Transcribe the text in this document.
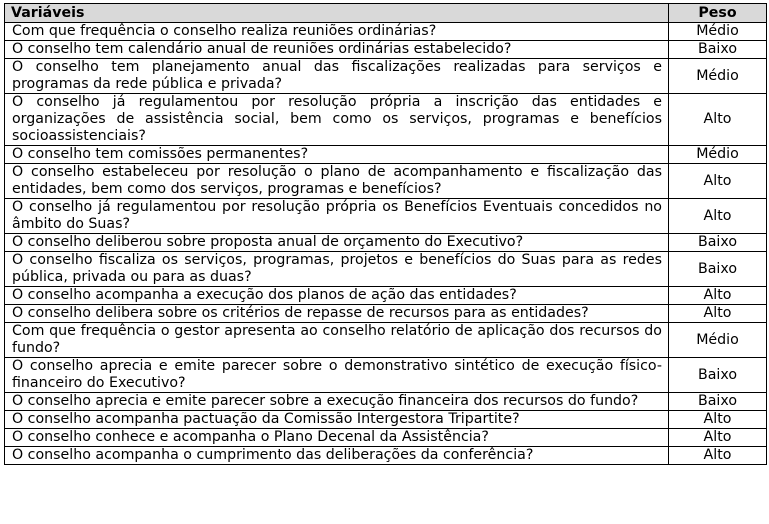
Variáveis	Peso
Com que frequência o conselho realiza reuniões ordinárias?	Médio
O conselho tem calendário anual de reuniões ordinárias estabelecido?	Baixo
O conselho tem planejamento anual das fiscalizações realizadas para serviços e programas da rede pública e privada?	Médio
O conselho já regulamentou por resolução própria a inscrição das entidades e organizações de assistência social, bem como os serviços, programas e benefícios socioassistenciais?	Alto
O conselho tem comissões permanentes?	Médio
O conselho estabeleceu por resolução o plano de acompanhamento e fiscalização das entidades, bem como dos serviços, programas e benefícios?	Alto
O conselho já regulamentou por resolução própria os Benefícios Eventuais concedidos no âmbito do Suas?	Alto
O conselho deliberou sobre proposta anual de orçamento do Executivo?	Baixo
O conselho fiscaliza os serviços, programas, projetos e benefícios do Suas para as redes pública, privada ou para as duas?	Baixo
O conselho acompanha a execução dos planos de ação das entidades?	Alto
O conselho delibera sobre os critérios de repasse de recursos para as entidades?	Alto
Com que frequência o gestor apresenta ao conselho relatório de aplicação dos recursos do fundo?	Médio
O conselho aprecia e emite parecer sobre o demonstrativo sintético de execução físico-financeiro do Executivo?	Baixo
O conselho aprecia e emite parecer sobre a execução financeira dos recursos do fundo?	Baixo
O conselho acompanha pactuação da Comissão Intergestora Tripartite?	Alto
O conselho conhece e acompanha o Plano Decenal da Assistência?	Alto
O conselho acompanha o cumprimento das deliberações da conferência?	Alto
